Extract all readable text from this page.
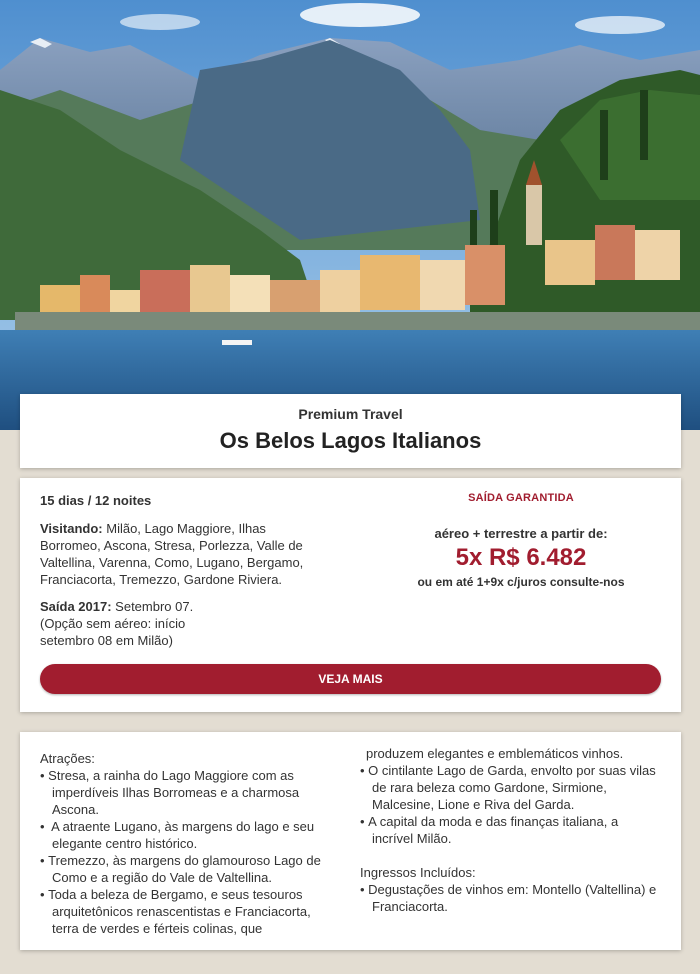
Premium Travel
Os Belos Lagos Italianos
15 dias / 12 noites
Visitando: Milão, Lago Maggiore, Ilhas Borromeo, Ascona, Stresa, Porlezza, Valle de Valtellina, Varenna, Como, Lugano, Bergamo, Franciacorta, Tremezzo, Gardone Riviera.
Saída 2017: Setembro 07.
(Opção sem aéreo: início setembro 08 em Milão)
SAÍDA GARANTIDA
aéreo + terrestre a partir de:
5x R$ 6.482
ou em até 1+9x c/juros consulte-nos
VEJA MAIS
Atrações:
• Stresa, a rainha do Lago Maggiore com as imperdíveis Ilhas Borromeas e a charmosa Ascona.
•  A atraente Lugano, às margens do lago e seu elegante centro histórico.
• Tremezzo, às margens do glamouroso Lago de Como e a região do Vale de Valtellina.
• Toda a beleza de Bergamo, e seus tesouros arquitetônicos renascentistas e Franciacorta, terra de verdes e férteis colinas, que
produzem elegantes e emblemáticos vinhos.
• O cintilante Lago de Garda, envolto por suas vilas de rara beleza como Gardone, Sirmione, Malcesine, Lione e Riva del Garda.
• A capital da moda e das finanças italiana, a incrível Milão.
Ingressos Incluídos:
• Degustações de vinhos em: Montello (Valtellina) e Franciacorta.
